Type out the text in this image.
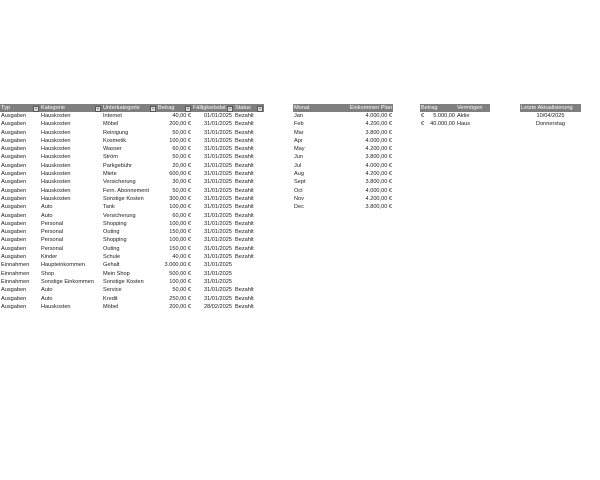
Typ	Kategorie	Unterkategorie	Betrag	Fälligkeitsdat. Status
Ausgaben	Hauskosten	Internet	40,00 €	01/01/2025 Bezahlt
Ausgaben	Hauskosten	Möbel	200,00 €	31/01/2025 Bezahlt
Ausgaben	Hauskosten	Reinigung	50,00 €	31/01/2025 Bezahlt
Ausgaben	Hauskosten	Kosmetik	100,00 €	31/01/2025 Bezahlt
Ausgaben	Hauskosten	Wasser	60,00 €	31/01/2025 Bezahlt
Ausgaben	Hauskosten	Ström	50,00 €	31/01/2025 Bezahlt
Ausgaben	Hauskosten	Parkgebühr	20,00 €	31/01/2025 Bezahlt
Ausgaben	Hauskosten	Miete	600,00 €	31/01/2025 Bezahlt
Ausgaben	Hauskosten	Versicherung	30,00 €	31/01/2025 Bezahlt
Ausgaben	Hauskosten	Fern. Abonnement	50,00 €	31/01/2025 Bezahlt
Ausgaben	Hauskosten	Sonstige Kosten	300,00 €	31/01/2025 Bezahlt
Ausgaben	Auto	Tank	100,00 €	31/01/2025 Bezahlt
Ausgaben	Auto	Versicherung	60,00 €	31/01/2025 Bezahlt
Ausgaben	Personal	Shopping	100,00 €	31/01/2025 Bezahlt
Ausgaben	Personal	Outing	150,00 €	31/01/2025 Bezahlt
Ausgaben	Personal	Shopping	100,00 €	31/01/2025 Bezahlt
Ausgaben	Personal	Outing	150,00 €	31/01/2025 Bezahlt
Ausgaben	Kinder	Schule	40,00 €	31/01/2025 Bezahlt
Einnahmen	Haupteinkommen	Gehalt	3.000,00 €	31/01/2025
Einnahmen	Shop	Mein Shop	500,00 €	31/01/2025
Einnahmen	Sonstige Einkommen	Sonstige Kosten	100,00 €	31/01/2025
Ausgaben	Auto	Service	50,00 €	31/01/2025 Bezahlt
Ausgaben	Auto	Kredit	250,00 €	31/01/2025 Bezahlt
Ausgaben	Hauskosten	Möbel	200,00 €	28/02/2025 Bezahlt
Monat	Einkommen Plan
Jan	4.000,00 €
Feb	4.200,00 €
Mar	3.800,00 €
Apr	4.000,00 €
May	4.200,00 €
Jun	3.800,00 €
Jul	4.000,00 €
Aug	4.200,00 €
Sept	3.800,00 €
Oct	4.000,00 €
Nov	4.200,00 €
Dec	3.800,00 €
Betrag	Vermögen
€ 5.000,00 Aktie
€ 40.000,00 Haus
Letzte Aktualisierung
10/04/2025
Donnerstag
